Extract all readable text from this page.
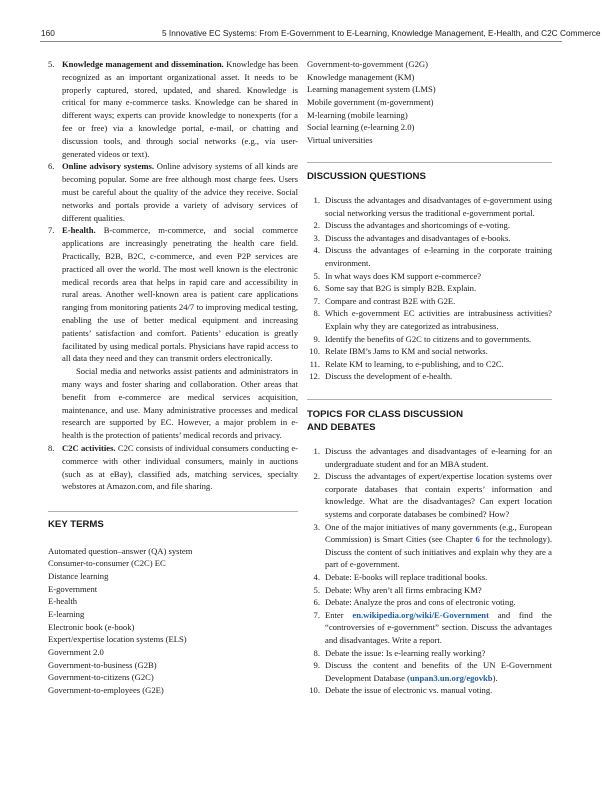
160	5 Innovative EC Systems: From E-Government to E-Learning, Knowledge Management, E-Health, and C2C Commerce
5. Knowledge management and dissemination. Knowledge has been recognized as an important organizational asset. It needs to be properly captured, stored, updated, and shared. Knowledge is critical for many e-commerce tasks. Knowledge can be shared in different ways; experts can provide knowledge to nonexperts (for a fee or free) via a knowledge portal, e-mail, or chatting and discussion tools, and through social networks (e.g., via user-generated videos or text).

6. Online advisory systems. Online advisory systems of all kinds are becoming popular. Some are free although most charge fees. Users must be careful about the quality of the advice they receive. Social networks and portals provide a variety of advisory services of different qualities.

7. E-health. B-commerce, m-commerce, and social commerce applications are increasingly penetrating the health care field. Practically, B2B, B2C, c-commerce, and even P2P services are practiced all over the world. The most well known is the electronic medical records area that helps in rapid care and accessibility in rural areas. Another well-known area is patient care applications ranging from monitoring patients 24/7 to improving medical testing, enabling the use of better medical equipment and increasing patients’ satisfaction and comfort. Patients’ education is greatly facilitated by using medical portals. Physicians have rapid access to all data they need and they can transmit orders electronically.

Social media and networks assist patients and administrators in many ways and foster sharing and collaboration. Other areas that benefit from e-commerce are medical services acquisition, maintenance, and use. Many administrative processes and medical research are supported by EC. However, a major problem in e-health is the protection of patients’ medical records and privacy.

8. C2C activities. C2C consists of individual consumers conducting e-commerce with other individual consumers, mainly in auctions (such as at eBay), classified ads, matching services, specialty webstores at Amazon.com, and file sharing.

KEY TERMS
Automated question–answer (QA) system
Consumer-to-consumer (C2C) EC
Distance learning
E-government
E-health
E-learning
Electronic book (e-book)
Expert/expertise location systems (ELS)
Government 2.0
Government-to-business (G2B)
Government-to-citizens (G2C)
Government-to-employees (G2E)
Government-to-government (G2G)
Knowledge management (KM)
Learning management system (LMS)
Mobile government (m-government)
M-learning (mobile learning)
Social learning (e-learning 2.0)
Virtual universities
DISCUSSION QUESTIONS
1. Discuss the advantages and disadvantages of e-government using social networking versus the traditional e-government portal.
2. Discuss the advantages and shortcomings of e-voting.
3. Discuss the advantages and disadvantages of e-books.
4. Discuss the advantages of e-learning in the corporate training environment.
5. In what ways does KM support e-commerce?
6. Some say that B2G is simply B2B. Explain.
7. Compare and contrast B2E with G2E.
8. Which e-government EC activities are intrabusiness activities? Explain why they are categorized as intrabusiness.
9. Identify the benefits of G2C to citizens and to governments.
10. Relate IBM’s Jams to KM and social networks.
11. Relate KM to learning, to e-publishing, and to C2C.
12. Discuss the development of e-health.
TOPICS FOR CLASS DISCUSSION
AND DEBATES
1. Discuss the advantages and disadvantages of e-learning for an undergraduate student and for an MBA student.
2. Discuss the advantages of expert/expertise location systems over corporate databases that contain experts’ information and knowledge. What are the disadvantages? Can expert location systems and corporate databases be combined? How?
3. One of the major initiatives of many governments (e.g., European Commission) is Smart Cities (see Chapter 6 for the technology). Discuss the content of such initiatives and explain why they are a part of e-government.
4. Debate: E-books will replace traditional books.
5. Debate: Why aren’t all firms embracing KM?
6. Debate: Analyze the pros and cons of electronic voting.
7. Enter en.wikipedia.org/wiki/E-Government and find the “controversies of e-government” section. Discuss the advantages and disadvantages. Write a report.
8. Debate the issue: Is e-learning really working?
9. Discuss the content and benefits of the UN E-Government Development Database (unpan3.un.org/egovkb).
10. Debate the issue of electronic vs. manual voting.
